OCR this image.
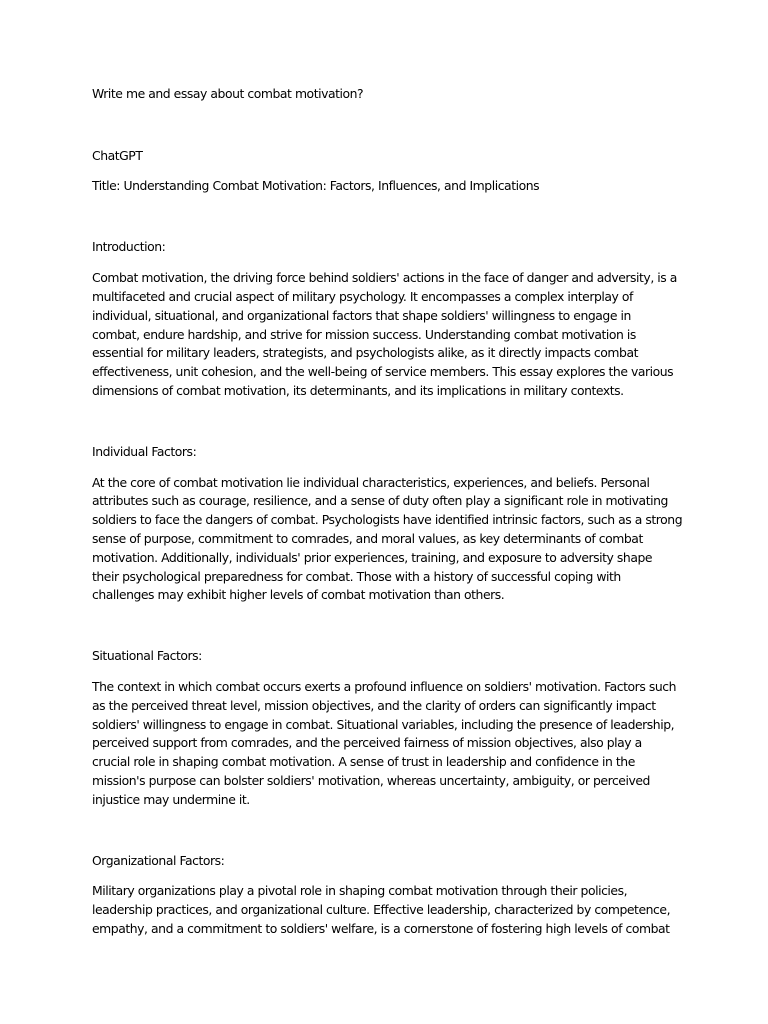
Write me and essay about combat motivation?

ChatGPT

Title: Understanding Combat Motivation: Factors, Influences, and Implications

Introduction:

Combat motivation, the driving force behind soldiers' actions in the face of danger and adversity, is a
multifaceted and crucial aspect of military psychology. It encompasses a complex interplay of
individual, situational, and organizational factors that shape soldiers' willingness to engage in
combat, endure hardship, and strive for mission success. Understanding combat motivation is
essential for military leaders, strategists, and psychologists alike, as it directly impacts combat
effectiveness, unit cohesion, and the well-being of service members. This essay explores the various
dimensions of combat motivation, its determinants, and its implications in military contexts.

Individual Factors:

At the core of combat motivation lie individual characteristics, experiences, and beliefs. Personal
attributes such as courage, resilience, and a sense of duty often play a significant role in motivating
soldiers to face the dangers of combat. Psychologists have identified intrinsic factors, such as a strong
sense of purpose, commitment to comrades, and moral values, as key determinants of combat
motivation. Additionally, individuals' prior experiences, training, and exposure to adversity shape
their psychological preparedness for combat. Those with a history of successful coping with
challenges may exhibit higher levels of combat motivation than others.

Situational Factors:

The context in which combat occurs exerts a profound influence on soldiers' motivation. Factors such
as the perceived threat level, mission objectives, and the clarity of orders can significantly impact
soldiers' willingness to engage in combat. Situational variables, including the presence of leadership,
perceived support from comrades, and the perceived fairness of mission objectives, also play a
crucial role in shaping combat motivation. A sense of trust in leadership and confidence in the
mission's purpose can bolster soldiers' motivation, whereas uncertainty, ambiguity, or perceived
injustice may undermine it.

Organizational Factors:

Military organizations play a pivotal role in shaping combat motivation through their policies,
leadership practices, and organizational culture. Effective leadership, characterized by competence,
empathy, and a commitment to soldiers' welfare, is a cornerstone of fostering high levels of combat
